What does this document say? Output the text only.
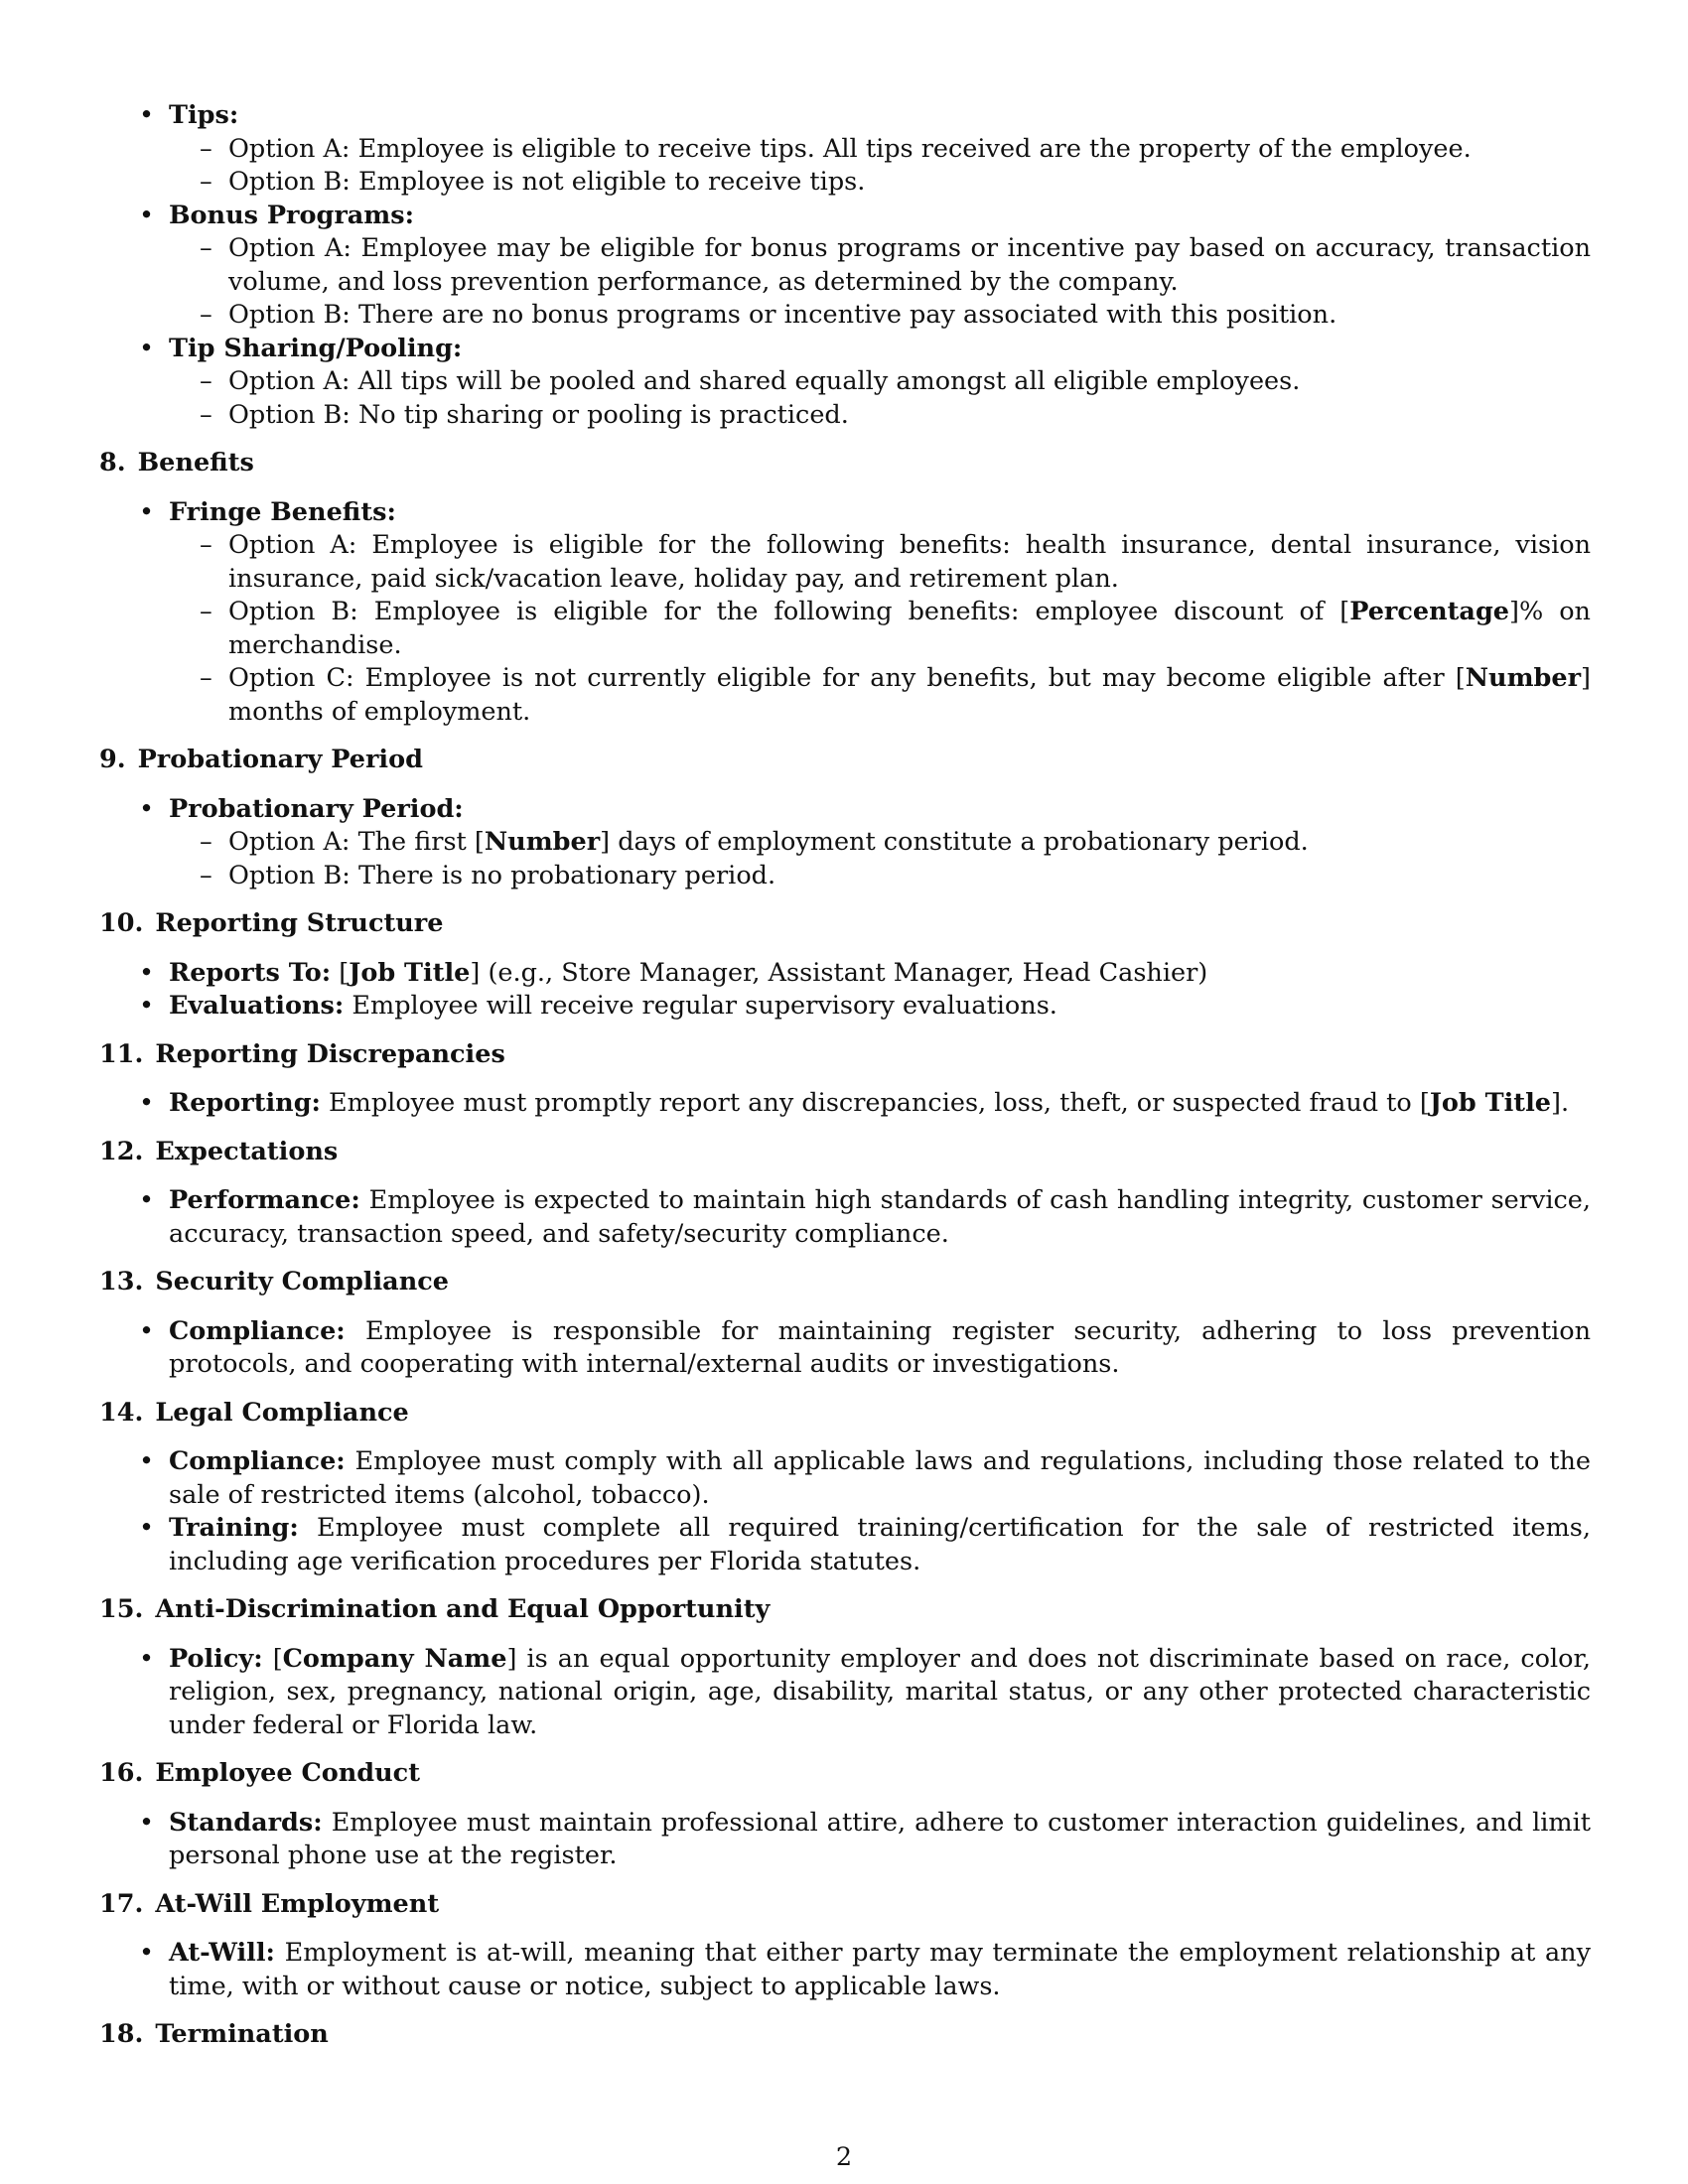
• Tips:
– Option A: Employee is eligible to receive tips. All tips received are the property of the employee.
– Option B: Employee is not eligible to receive tips.
• Bonus Programs:
– Option A: Employee may be eligible for bonus programs or incentive pay based on accuracy, transaction volume, and loss prevention performance, as determined by the company.
– Option B: There are no bonus programs or incentive pay associated with this position.
• Tip Sharing/Pooling:
– Option A: All tips will be pooled and shared equally amongst all eligible employees.
– Option B: No tip sharing or pooling is practiced.
8. Benefits
• Fringe Benefits:
– Option A: Employee is eligible for the following benefits: health insurance, dental insurance, vision insurance, paid sick/vacation leave, holiday pay, and retirement plan.
– Option B: Employee is eligible for the following benefits: employee discount of [Percentage]% on merchandise.
– Option C: Employee is not currently eligible for any benefits, but may become eligible after [Number] months of employment.
9. Probationary Period
• Probationary Period:
– Option A: The first [Number] days of employment constitute a probationary period.
– Option B: There is no probationary period.
10. Reporting Structure
• Reports To: [Job Title] (e.g., Store Manager, Assistant Manager, Head Cashier)
• Evaluations: Employee will receive regular supervisory evaluations.
11. Reporting Discrepancies
• Reporting: Employee must promptly report any discrepancies, loss, theft, or suspected fraud to [Job Title].
12. Expectations
• Performance: Employee is expected to maintain high standards of cash handling integrity, customer service, accuracy, transaction speed, and safety/security compliance.
13. Security Compliance
• Compliance: Employee is responsible for maintaining register security, adhering to loss prevention protocols, and cooperating with internal/external audits or investigations.
14. Legal Compliance
• Compliance: Employee must comply with all applicable laws and regulations, including those related to the sale of restricted items (alcohol, tobacco).
• Training: Employee must complete all required training/certification for the sale of restricted items, including age verification procedures per Florida statutes.
15. Anti-Discrimination and Equal Opportunity
• Policy: [Company Name] is an equal opportunity employer and does not discriminate based on race, color, religion, sex, pregnancy, national origin, age, disability, marital status, or any other protected characteristic under federal or Florida law.
16. Employee Conduct
• Standards: Employee must maintain professional attire, adhere to customer interaction guidelines, and limit personal phone use at the register.
17. At-Will Employment
• At-Will: Employment is at-will, meaning that either party may terminate the employment relationship at any time, with or without cause or notice, subject to applicable laws.
18. Termination
2
